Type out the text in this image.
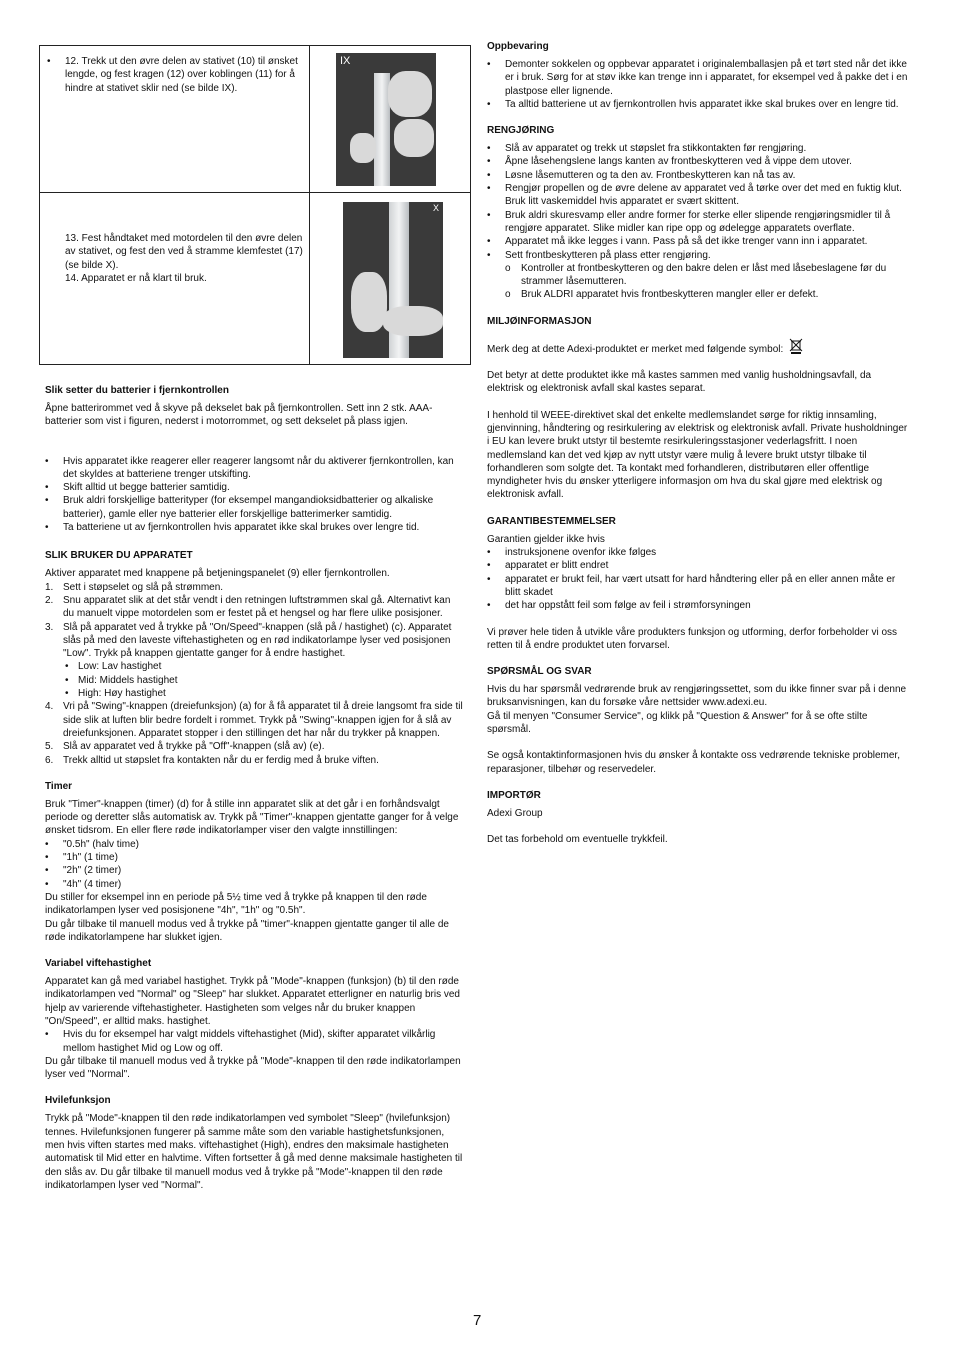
• 12. Trekk ut den øvre delen av stativet (10) til ønsket lengde, og fest kragen (12) over koblingen (11) for å hindre at stativet sklir ned (se bilde IX).
IX
13. Fest håndtaket med motordelen til den øvre delen av stativet, og fest den ved å stramme klemfestet (17) (se bilde X).
14. Apparatet er nå klart til bruk.
X
Slik setter du batterier i fjernkontrollen

Åpne batterirommet ved å skyve på dekselet bak på fjernkontrollen. Sett inn 2 stk. AAA-batterier som vist i figuren, nederst i motorrommet, og sett dekselet på plass igjen.

• Hvis apparatet ikke reagerer eller reagerer langsomt når du aktiverer fjernkontrollen, kan det skyldes at batteriene trenger utskifting.
• Skift alltid ut begge batterier samtidig.
• Bruk aldri forskjellige batterityper (for eksempel mangandioksidbatterier og alkaliske batterier), gamle eller nye batterier eller forskjellige batterimerker samtidig.
• Ta batteriene ut av fjernkontrollen hvis apparatet ikke skal brukes over lengre tid.
SLIK BRUKER DU APPARATET

Aktiver apparatet med knappene på betjeningspanelet (9) eller fjernkontrollen.

1. Sett i støpselet og slå på strømmen.
2. Snu apparatet slik at det står vendt i den retningen luftstrømmen skal gå. Alternativt kan du manuelt vippe motordelen som er festet på et hengsel og har flere ulike posisjoner.
3. Slå på apparatet ved å trykke på "On/Speed"-knappen (slå på / hastighet) (c). Apparatet slås på med den laveste viftehastigheten og en rød indikatorlampe lyser ved posisjonen "Low". Trykk på knappen gjentatte ganger for å endre hastighet.
• Low: Lav hastighet
• Mid: Middels hastighet
• High: Høy hastighet
4. Vri på "Swing"-knappen (dreiefunksjon) (a) for å få apparatet til å dreie langsomt fra side til side slik at luften blir bedre fordelt i rommet. Trykk på "Swing"-knappen igjen for å slå av dreiefunksjonen. Apparatet stopper i den stillingen det har når du trykker på knappen.
5. Slå av apparatet ved å trykke på "Off"-knappen (slå av) (e).
6. Trekk alltid ut støpslet fra kontakten når du er ferdig med å bruke viften.
Timer

Bruk "Timer"-knappen (timer) (d) for å stille inn apparatet slik at det går i en forhåndsvalgt periode og deretter slås automatisk av. Trykk på "Timer"-knappen gjentatte ganger for å velge ønsket tidsrom. En eller flere røde indikatorlamper viser den valgte innstillingen:

• "0.5h" (halv time)
• "1h" (1 time)
• "2h" (2 timer)
• "4h" (4 timer)

Du stiller for eksempel inn en periode på 5½ time ved å trykke på knappen til den røde indikatorlampen lyser ved posisjonene "4h", "1h" og "0.5h".

Du går tilbake til manuell modus ved å trykke på "timer"-knappen gjentatte ganger til alle de røde indikatorlampene har slukket igjen.

Variabel viftehastighet

Apparatet kan gå med variabel hastighet. Trykk på "Mode"-knappen (funksjon) (b) til den røde indikatorlampen ved "Normal" og "Sleep" har slukket. Apparatet etterligner en naturlig bris ved hjelp av varierende viftehastigheter. Hastigheten som velges når du bruker knappen "On/Speed", er alltid maks. hastighet.

• Hvis du for eksempel har valgt middels viftehastighet (Mid), skifter apparatet vilkårlig mellom hastighet Mid og Low og off.

Du går tilbake til manuell modus ved å trykke på "Mode"-knappen til den røde indikatorlampen lyser ved "Normal".

Hvilefunksjon

Trykk på "Mode"-knappen til den røde indikatorlampen ved symbolet "Sleep" (hvilefunksjon) tennes. Hvilefunksjonen fungerer på samme måte som den variable hastighetsfunksjonen, men hvis viften startes med maks. viftehastighet (High), endres den maksimale hastigheten automatisk til Mid etter en halvtime. Viften fortsetter å gå med denne maksimale hastigheten til den slås av. Du går tilbake til manuell modus ved å trykke på "Mode"-knappen til den røde indikatorlampen lyser ved "Normal".

Oppbevaring
• Demonter sokkelen og oppbevar apparatet i originalemballasjen på et tørt sted når det ikke er i bruk. Sørg for at støv ikke kan trenge inn i apparatet, for eksempel ved å pakke det i en plastpose eller lignende.
• Ta alltid batteriene ut av fjernkontrollen hvis apparatet ikke skal brukes over en lengre tid.
RENGJØRING
• Slå av apparatet og trekk ut støpslet fra stikkontakten før rengjøring.
• Åpne låsehengslene langs kanten av frontbeskytteren ved å vippe dem utover.
• Løsne låsemutteren og ta den av. Frontbeskytteren kan nå tas av.
• Rengjør propellen og de øvre delene av apparatet ved å tørke over det med en fuktig klut. Bruk litt vaskemiddel hvis apparatet er svært skittent.
• Bruk aldri skuresvamp eller andre former for sterke eller slipende rengjøringsmidler til å rengjøre apparatet. Slike midler kan ripe opp og ødelegge apparatets overflate.
• Apparatet må ikke legges i vann. Pass på så det ikke trenger vann inn i apparatet.
• Sett frontbeskytteren på plass etter rengjøring.
o Kontroller at frontbeskytteren og den bakre delen er låst med låsebeslagene før du strammer låsemutteren.
o Bruk ALDRI apparatet hvis frontbeskytteren mangler eller er defekt.
MILJØINFORMASJON

Merk deg at dette Adexi-produktet er merket med følgende symbol:

Det betyr at dette produktet ikke må kastes sammen med vanlig husholdningsavfall, da elektrisk og elektronisk avfall skal kastes separat.

I henhold til WEEE-direktivet skal det enkelte medlemslandet sørge for riktig innsamling, gjenvinning, håndtering og resirkulering av elektrisk og elektronisk avfall. Private husholdninger i EU kan levere brukt utstyr til bestemte resirkuleringsstasjoner vederlagsfritt. I noen medlemsland kan det ved kjøp av nytt utstyr være mulig å levere brukt utstyr tilbake til forhandleren som solgte det. Ta kontakt med forhandleren, distributøren eller offentlige myndigheter hvis du ønsker ytterligere informasjon om hva du skal gjøre med elektrisk og elektronisk avfall.

GARANTIBESTEMMELSER

Garantien gjelder ikke hvis

• instruksjonene ovenfor ikke følges
• apparatet er blitt endret
• apparatet er brukt feil, har vært utsatt for hard håndtering eller på en eller annen måte er blitt skadet
• det har oppstått feil som følge av feil i strømforsyningen

Vi prøver hele tiden å utvikle våre produkters funksjon og utforming, derfor forbeholder vi oss retten til å endre produktet uten forvarsel.

SPØRSMÅL OG SVAR

Hvis du har spørsmål vedrørende bruk av rengjøringssettet, som du ikke finner svar på i denne bruksanvisningen, kan du forsøke våre nettsider www.adexi.eu.

Gå til menyen "Consumer Service", og klikk på "Question & Answer" for å se ofte stilte spørsmål.

Se også kontaktinformasjonen hvis du ønsker å kontakte oss vedrørende tekniske problemer, reparasjoner, tilbehør og reservedeler.

IMPORTØR

Adexi Group

Det tas forbehold om eventuelle trykkfeil.

7
